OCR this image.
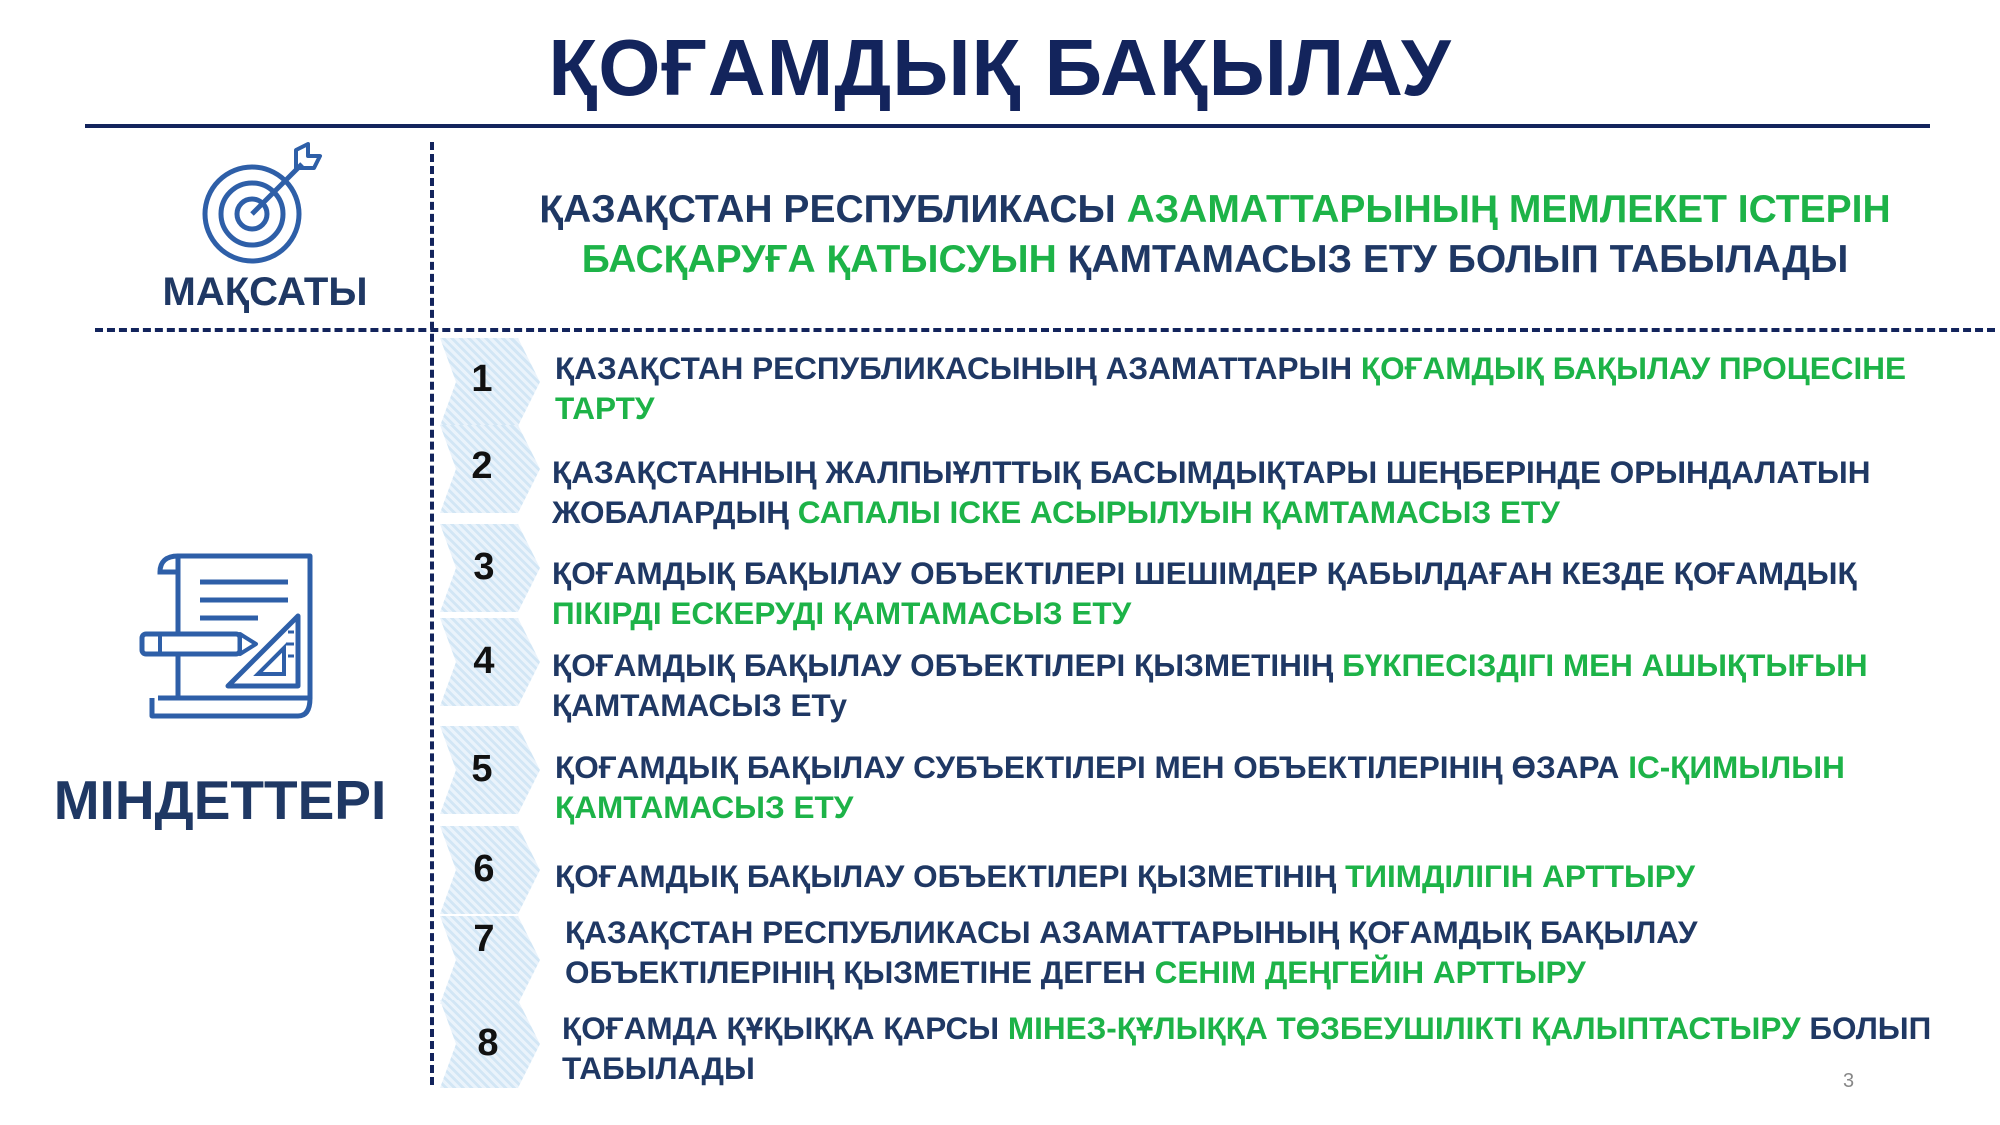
ҚОҒАМДЫҚ БАҚЫЛАУ
МАҚСАТЫ
ҚАЗАҚСТАН РЕСПУБЛИКАСЫ АЗАМАТТАРЫНЫҢ МЕМЛЕКЕТ ІСТЕРІН БАСҚАРУҒА ҚАТЫСУЫН ҚАМТАМАСЫЗ ЕТУ БОЛЫП ТАБЫЛАДЫ
МІНДЕТТЕРІ
1 ҚАЗАҚСТАН РЕСПУБЛИКАСЫНЫҢ АЗАМАТТАРЫН ҚОҒАМДЫҚ БАҚЫЛАУ ПРОЦЕСІНЕ ТАРТУ
2 ҚАЗАҚСТАННЫҢ ЖАЛПЫҰЛТТЫҚ БАСЫМДЫҚТАРЫ ШЕҢБЕРІНДЕ ОРЫНДАЛАТЫН ЖОБАЛАРДЫҢ САПАЛЫ ІСКЕ АСЫРЫЛУЫН ҚАМТАМАСЫЗ ЕТУ
3 ҚОҒАМДЫҚ БАҚЫЛАУ ОБЪЕКТІЛЕРІ ШЕШІМДЕР ҚАБЫЛДАҒАН КЕЗДЕ ҚОҒАМДЫҚ ПІКІРДІ ЕСКЕРУДІ ҚАМТАМАСЫЗ ЕТУ
4 ҚОҒАМДЫҚ БАҚЫЛАУ ОБЪЕКТІЛЕРІ ҚЫЗМЕТІНІҢ БҮКПЕСІЗДІГІ МЕН АШЫҚТЫҒЫН ҚАМТАМАСЫЗ ЕТу
5 ҚОҒАМДЫҚ БАҚЫЛАУ СУБЪЕКТІЛЕРІ МЕН ОБЪЕКТІЛЕРІНІҢ ӨЗАРА ІС-ҚИМЫЛЫН ҚАМТАМАСЫЗ ЕТУ
6 ҚОҒАМДЫҚ БАҚЫЛАУ ОБЪЕКТІЛЕРІ ҚЫЗМЕТІНІҢ ТИІМДІЛІГІН АРТТЫРУ
7 ҚАЗАҚСТАН РЕСПУБЛИКАСЫ АЗАМАТТАРЫНЫҢ ҚОҒАМДЫҚ БАҚЫЛАУ ОБЪЕКТІЛЕРІНІҢ ҚЫЗМЕТІНЕ ДЕГЕН СЕНІМ ДЕҢГЕЙІН АРТТЫРУ
8 ҚОҒАМДА ҚҰҚЫҚҚА ҚАРСЫ МІНЕЗ-ҚҰЛЫҚҚА ТӨЗБЕУШІЛІКТІ ҚАЛЫПТАСТЫРУ БОЛЫП ТАБЫЛАДЫ	3
